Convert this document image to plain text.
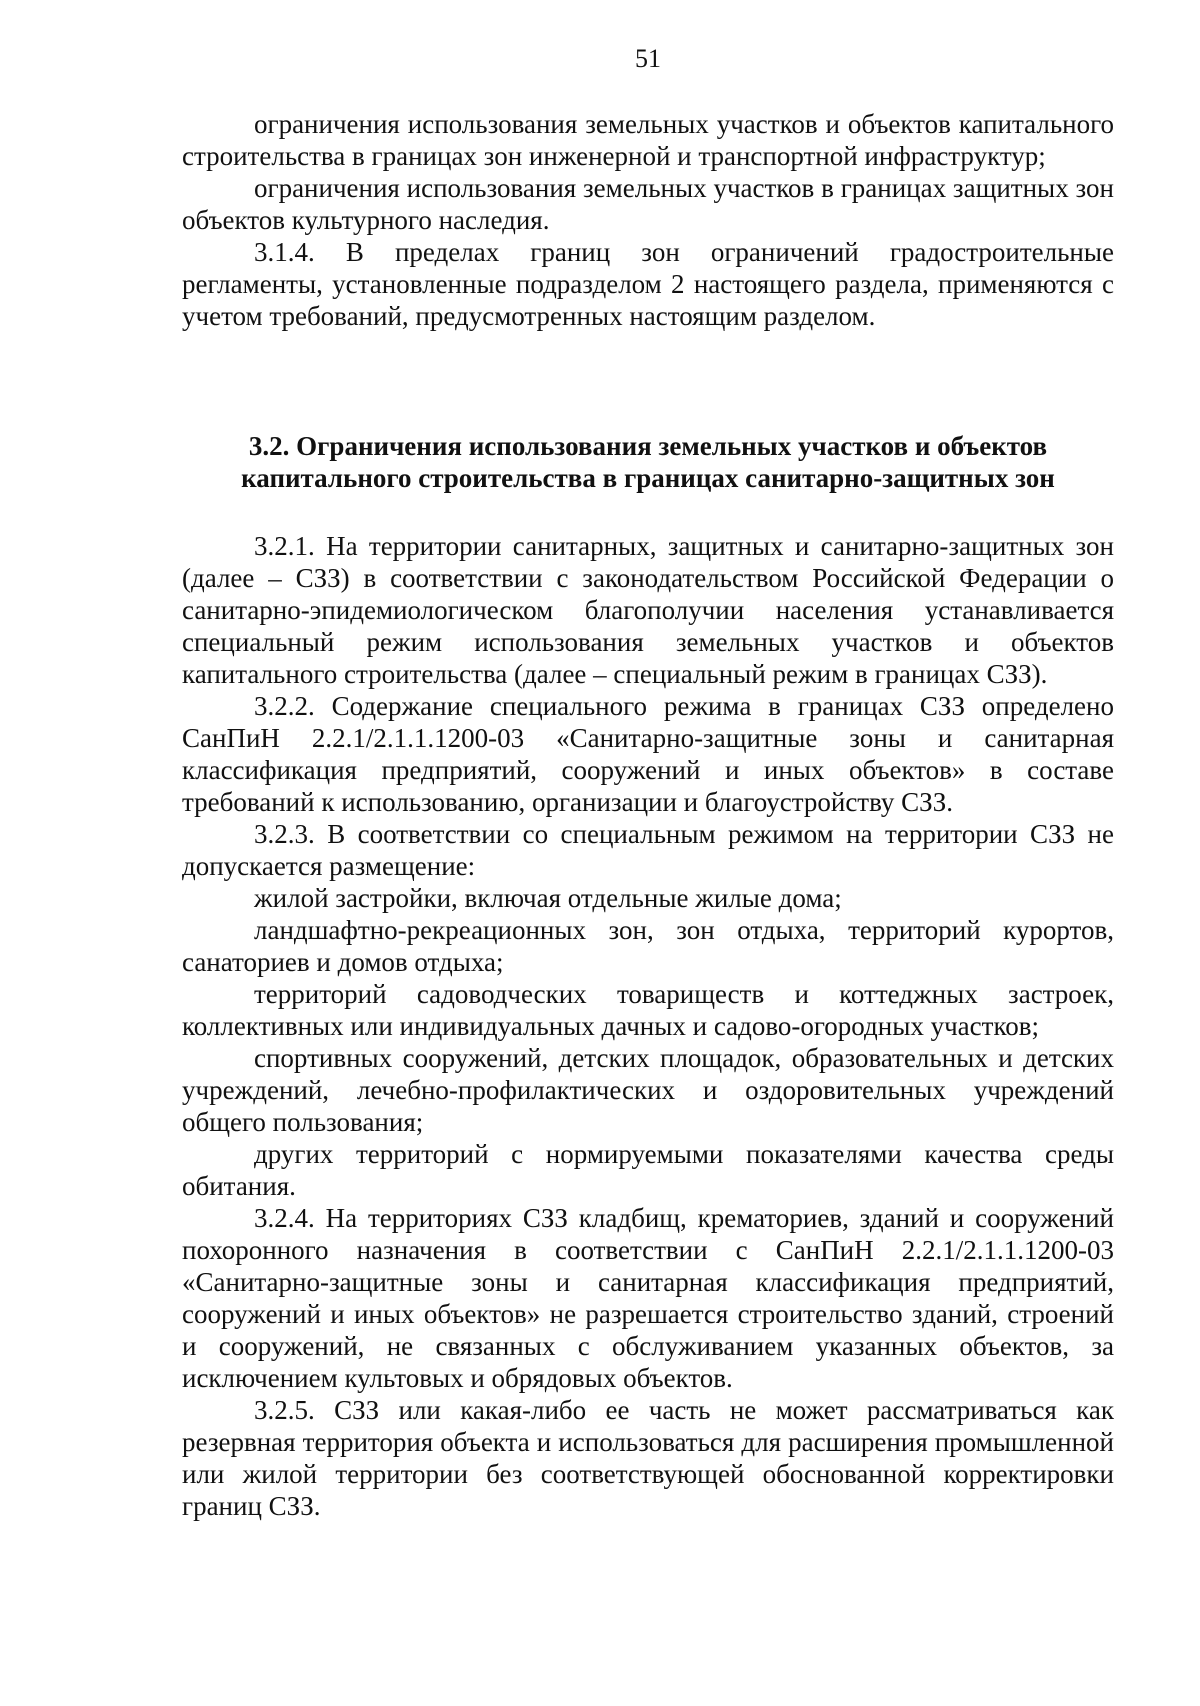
51

ограничения использования земельных участков и объектов капитального строительства в границах зон инженерной и транспортной инфраструктур;

ограничения использования земельных участков в границах защитных зон объектов культурного наследия.

3.1.4. В пределах границ зон ограничений градостроительные регламенты, установленные подразделом 2 настоящего раздела, применяются с учетом требований, предусмотренных настоящим разделом.

3.2. Ограничения использования земельных участков и объектов капитального строительства в границах санитарно-защитных зон

3.2.1. На территории санитарных, защитных и санитарно-защитных зон (далее – СЗЗ) в соответствии с законодательством Российской Федерации о санитарно-эпидемиологическом благополучии населения устанавливается специальный режим использования земельных участков и объектов капитального строительства (далее – специальный режим в границах СЗЗ).

3.2.2. Содержание специального режима в границах СЗЗ определено СанПиН 2.2.1/2.1.1.1200-03 «Санитарно-защитные зоны и санитарная классификация предприятий, сооружений и иных объектов» в составе требований к использованию, организации и благоустройству СЗЗ.

3.2.3. В соответствии со специальным режимом на территории СЗЗ не допускается размещение:

жилой застройки, включая отдельные жилые дома;

ландшафтно-рекреационных зон, зон отдыха, территорий курортов, санаториев и домов отдыха;

территорий садоводческих товариществ и коттеджных застроек, коллективных или индивидуальных дачных и садово-огородных участков;

спортивных сооружений, детских площадок, образовательных и детских учреждений, лечебно-профилактических и оздоровительных учреждений общего пользования;

других территорий с нормируемыми показателями качества среды обитания.

3.2.4. На территориях СЗЗ кладбищ, крематориев, зданий и сооружений похоронного назначения в соответствии с СанПиН 2.2.1/2.1.1.1200-03 «Санитарно-защитные зоны и санитарная классификация предприятий, сооружений и иных объектов» не разрешается строительство зданий, строений и сооружений, не связанных с обслуживанием указанных объектов, за исключением культовых и обрядовых объектов.

3.2.5. СЗЗ или какая-либо ее часть не может рассматриваться как резервная территория объекта и использоваться для расширения промышленной или жилой территории без соответствующей обоснованной корректировки границ СЗЗ.
